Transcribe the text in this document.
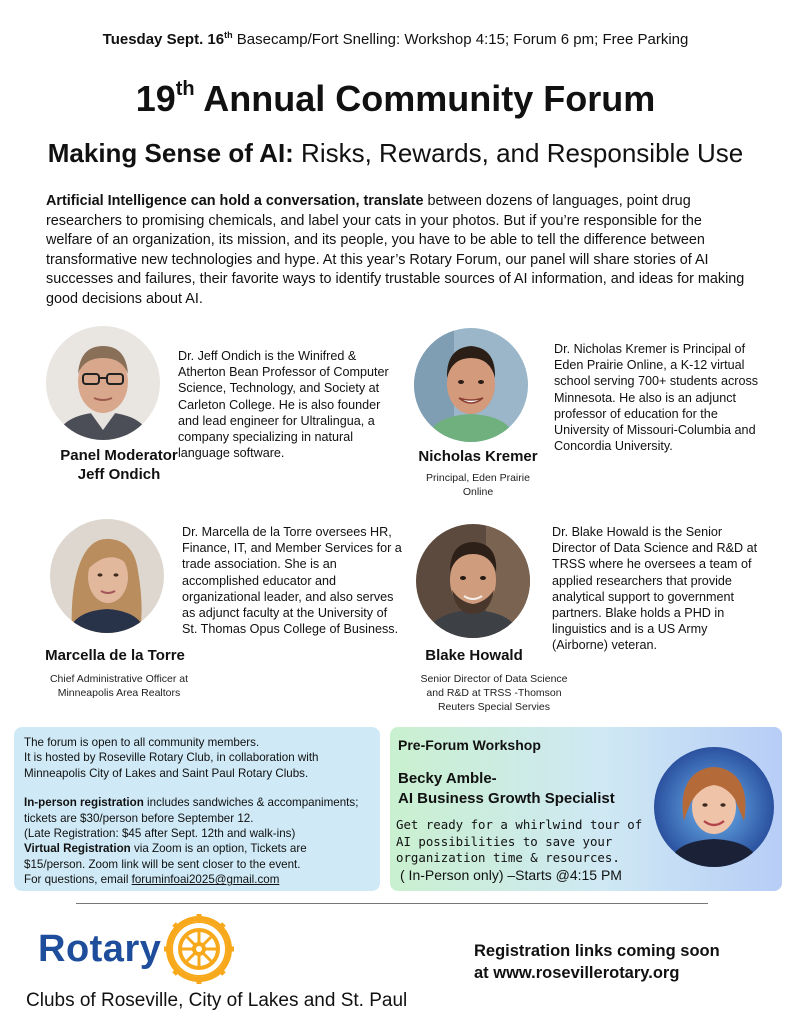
Tuesday Sept. 16th Basecamp/Fort Snelling: Workshop 4:15; Forum 6 pm; Free Parking
19th Annual Community Forum
Making Sense of AI: Risks, Rewards, and Responsible Use
Artificial Intelligence can hold a conversation, translate between dozens of languages, point drug researchers to promising chemicals, and label your cats in your photos. But if you’re responsible for the welfare of an organization, its mission, and its people, you have to be able to tell the difference between transformative new technologies and hype. At this year’s Rotary Forum, our panel will share stories of AI successes and failures, their favorite ways to identify trustable sources of AI information, and ideas for making good decisions about AI.
Dr. Jeff Ondich is the Winifred & Atherton Bean Professor of Computer Science, Technology, and Society at Carleton College. He is also founder and lead engineer for Ultralingua, a company specializing in natural language software.
Panel Moderator
Jeff Ondich
Dr. Nicholas Kremer is Principal of Eden Prairie Online, a K-12 virtual school serving 700+ students across Minnesota. He also is an adjunct professor of education for the University of Missouri-Columbia and Concordia University.
Nicholas Kremer
Principal, Eden Prairie Online
Dr. Marcella de la Torre oversees HR, Finance, IT, and Member Services for a trade association. She is an accomplished educator and organizational leader, and also serves as adjunct faculty at the University of St. Thomas Opus College of Business.
Marcella de la Torre
Chief Administrative Officer at Minneapolis Area Realtors
Dr. Blake Howald is the Senior Director of Data Science and R&D at TRSS where he oversees a team of applied researchers that provide analytical support to government partners. Blake holds a PHD in linguistics and is a US Army (Airborne) veteran.
Blake Howald
Senior Director of Data Science and R&D at TRSS -Thomson Reuters Special Servies
The forum is open to all community members.
It is hosted by Roseville Rotary Club, in collaboration with Minneapolis City of Lakes and Saint Paul Rotary Clubs.
In-person registration includes sandwiches & accompaniments; tickets are $30/person before September 12.
(Late Registration: $45 after Sept. 12th and walk-ins)
Virtual Registration via Zoom is an option, Tickets are $15/person. Zoom link will be sent closer to the event.
For questions, email foruminfoai2025@gmail.com
Pre-Forum Workshop
Becky Amble-
AI Business Growth Specialist
Get ready for a whirlwind tour of AI possibilities to save your organization time & resources.
( In-Person only) –Starts @4:15 PM
Rotary
Clubs of Roseville, City of Lakes and St. Paul
Registration links coming soon
at www.rosevillerotary.org
